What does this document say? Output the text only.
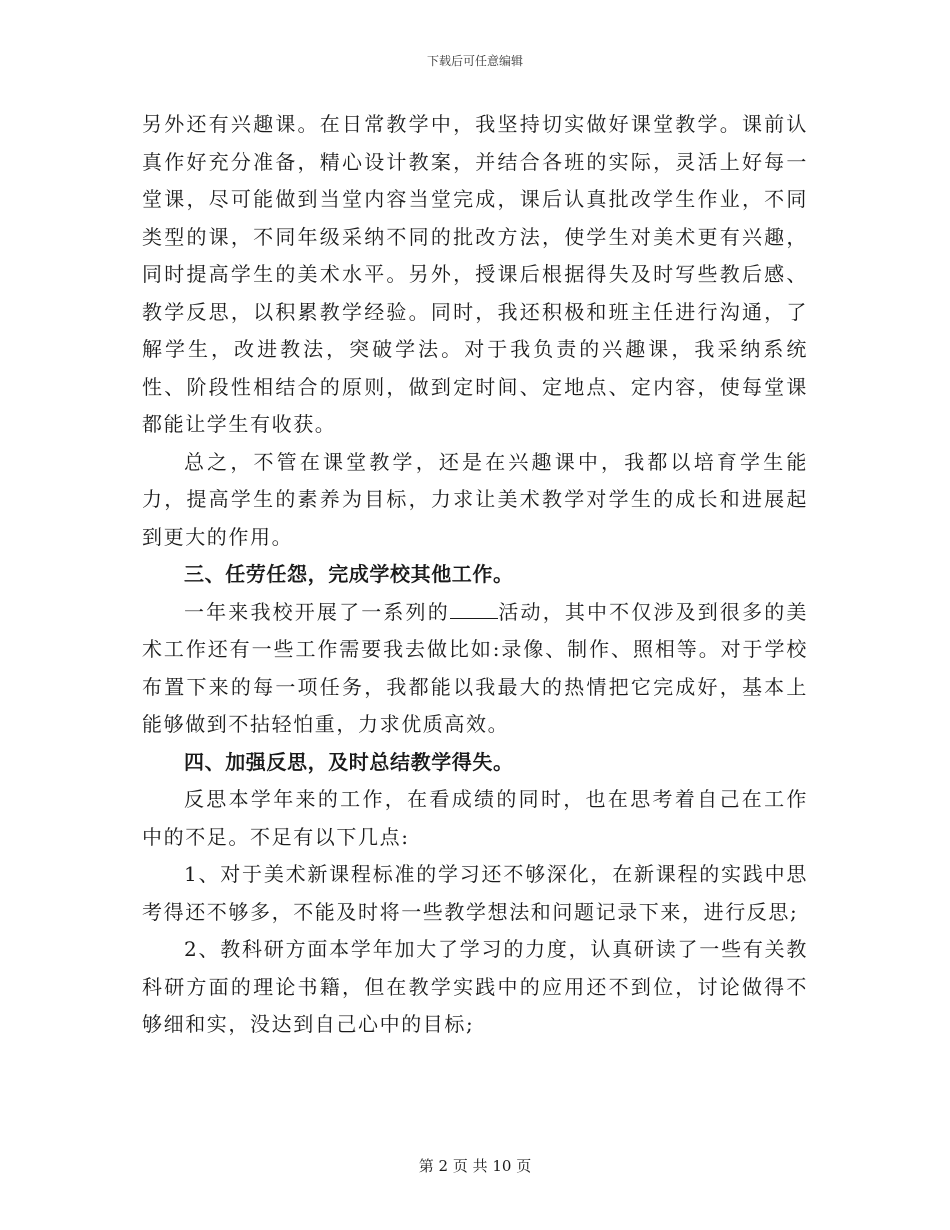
下载后可任意编辑

另外还有兴趣课。在日常教学中，我坚持切实做好课堂教学。课前认真作好充分准备，精心设计教案，并结合各班的实际，灵活上好每一堂课，尽可能做到当堂内容当堂完成，课后认真批改学生作业，不同类型的课，不同年级采纳不同的批改方法，使学生对美术更有兴趣，同时提高学生的美术水平。另外，授课后根据得失及时写些教后感、教学反思，以积累教学经验。同时，我还积极和班主任进行沟通，了解学生，改进教法，突破学法。对于我负责的兴趣课，我采纳系统性、阶段性相结合的原则，做到定时间、定地点、定内容，使每堂课都能让学生有收获。

总之，不管在课堂教学，还是在兴趣课中，我都以培育学生能力，提高学生的素养为目标，力求让美术教学对学生的成长和进展起到更大的作用。

三、任劳任怨，完成学校其他工作。

一年来我校开展了一系列的 活动，其中不仅涉及到很多的美术工作还有一些工作需要我去做比如:录像、制作、照相等。对于学校布置下来的每一项任务，我都能以我最大的热情把它完成好，基本上能够做到不拈轻怕重，力求优质高效。

四、加强反思，及时总结教学得失。

反思本学年来的工作，在看成绩的同时，也在思考着自己在工作中的不足。不足有以下几点:

1、对于美术新课程标准的学习还不够深化，在新课程的实践中思考得还不够多，不能及时将一些教学想法和问题记录下来，进行反思;

2、教科研方面本学年加大了学习的力度，认真研读了一些有关教科研方面的理论书籍，但在教学实践中的应用还不到位，讨论做得不够细和实，没达到自己心中的目标;

第 2 页 共 10 页
